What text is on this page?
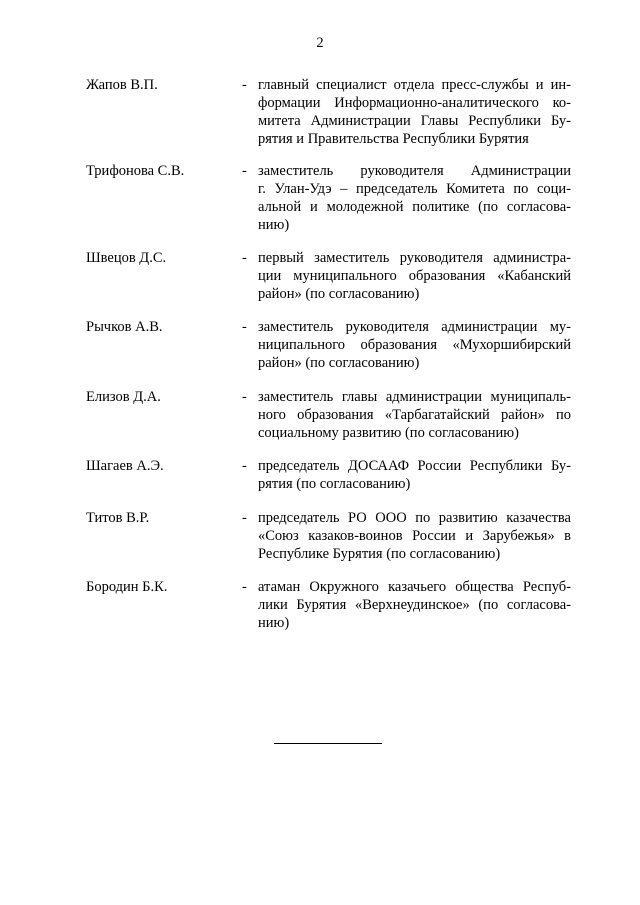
2
Жапов В.П.	- главный специалист отдела пресс-службы и ин-
формации Информационно-аналитического ко-
митета Администрации Главы Республики Бу-
рятия и Правительства Республики Бурятия
Трифонова С.В.	- заместитель руководителя Администрации
г. Улан-Удэ – председатель Комитета по соци-
альной и молодежной политике (по согласова-
нию)
Швецов Д.С.	- первый заместитель руководителя администра-
ции муниципального образования «Кабанский
район» (по согласованию)
Рычков А.В.	- заместитель руководителя администрации му-
ниципального образования «Мухоршибирский
район» (по согласованию)
Елизов Д.А.	- заместитель главы администрации муниципаль-
ного образования «Тарбагатайский район» по
социальному развитию (по согласованию)
Шагаев А.Э.	- председатель ДОСААФ России Республики Бу-
рятия (по согласованию)
Титов В.Р.	- председатель РО ООО по развитию казачества
«Союз казаков-воинов России и Зарубежья» в
Республике Бурятия (по согласованию)
Бородин Б.К.	- атаман Окружного казачьего общества Респуб-
лики Бурятия «Верхнеудинское» (по согласова-
нию)
